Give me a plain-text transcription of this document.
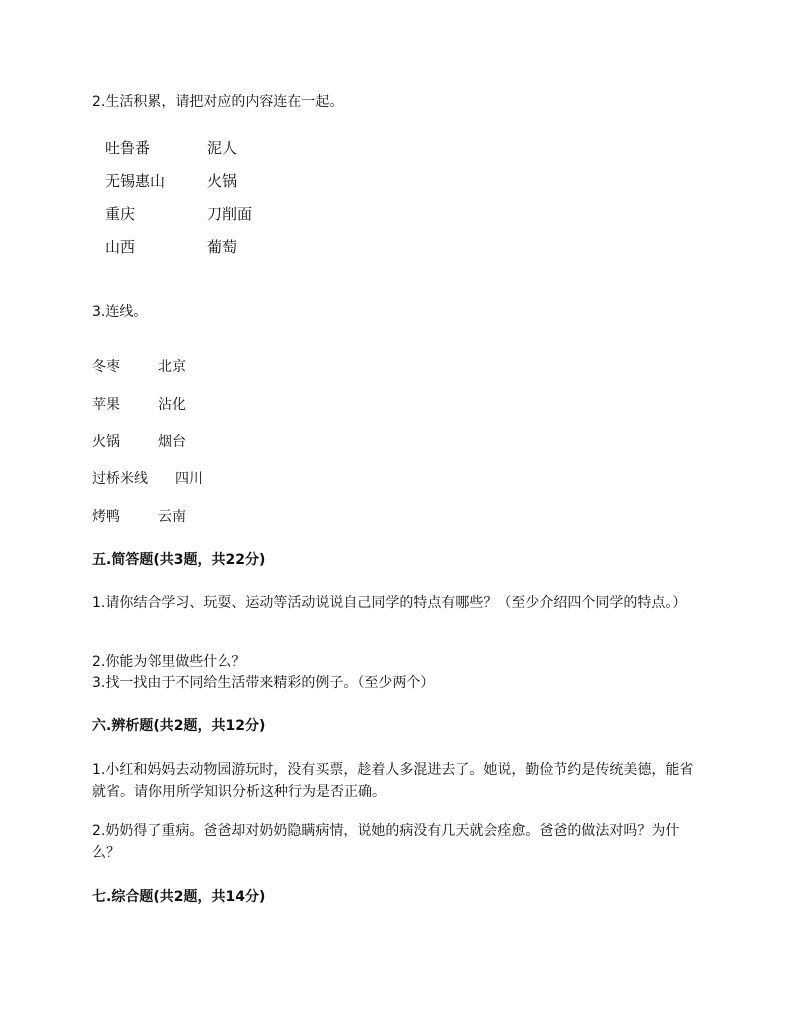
2.生活积累，请把对应的内容连在一起。
吐鲁番	泥人
无锡惠山	火锅
重庆	刀削面
山西	葡萄
3.连线。
冬枣	北京
苹果	沾化
火锅	烟台
过桥米线 四川
烤鸭	云南
五.简答题(共3题，共22分)
1.请你结合学习、玩耍、运动等活动说说自己同学的特点有哪些？（至少介绍四个同学的特点。）
2.你能为邻里做些什么？
3.找一找由于不同给生活带来精彩的例子。（至少两个）
六.辨析题(共2题，共12分)
1.小红和妈妈去动物园游玩时，没有买票，趁着人多混进去了。她说，勤俭节约是传统美德，能省就省。请你用所学知识分析这种行为是否正确。
2.奶奶得了重病。爸爸却对奶奶隐瞒病情，说她的病没有几天就会痊愈。爸爸的做法对吗？为什么？
七.综合题(共2题，共14分)
